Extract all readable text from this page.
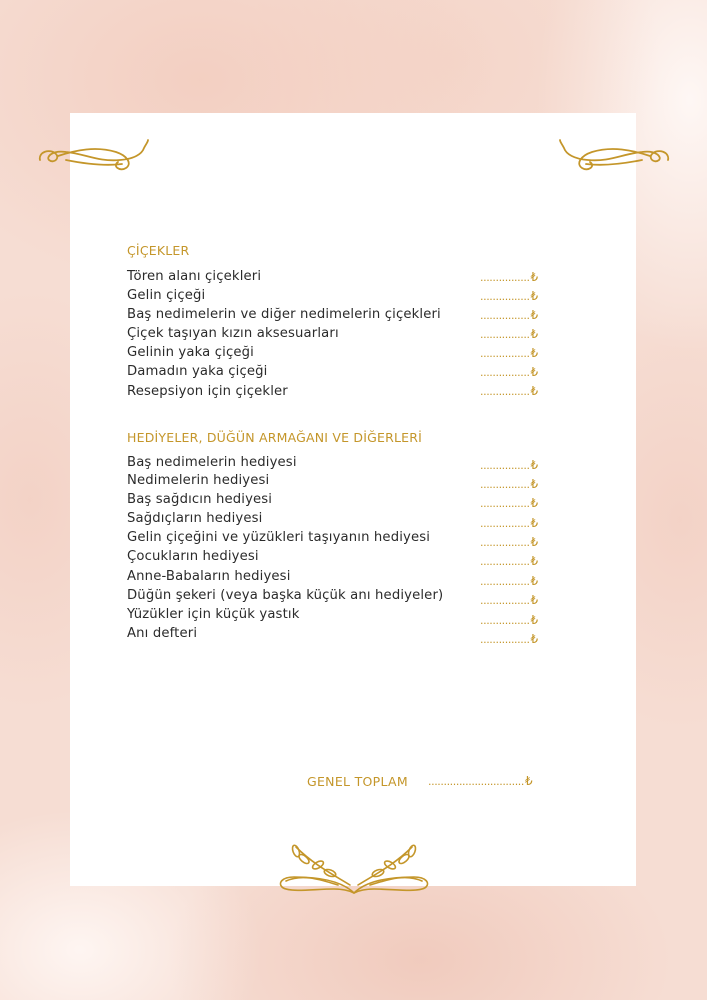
ÇİÇEKLER
Tören alanı çiçekleri	................₺
Gelin çiçeği	................₺
Baş nedimelerin ve diğer nedimelerin çiçekleri	................₺
Çiçek taşıyan kızın aksesuarları	................₺
Gelinin yaka çiçeği	................₺
Damadın yaka çiçeği	................₺
Resepsiyon için çiçekler	................₺
HEDİYELER, DÜĞÜN ARMAĞANI VE DİĞERLERİ
Baş nedimelerin hediyesi	................₺
Nedimelerin hediyesi	................₺
Baş sağdıcın hediyesi	................₺
Sağdıçların hediyesi	................₺
Gelin çiçeğini ve yüzükleri taşıyanın hediyesi	................₺
Çocukların hediyesi	................₺
Anne-Babaların hediyesi	................₺
Düğün şekeri (veya başka küçük anı hediyeler)	................₺
Yüzükler için küçük yastık	................₺
Anı defteri	................₺
GENEL TOPLAM ...............................₺
